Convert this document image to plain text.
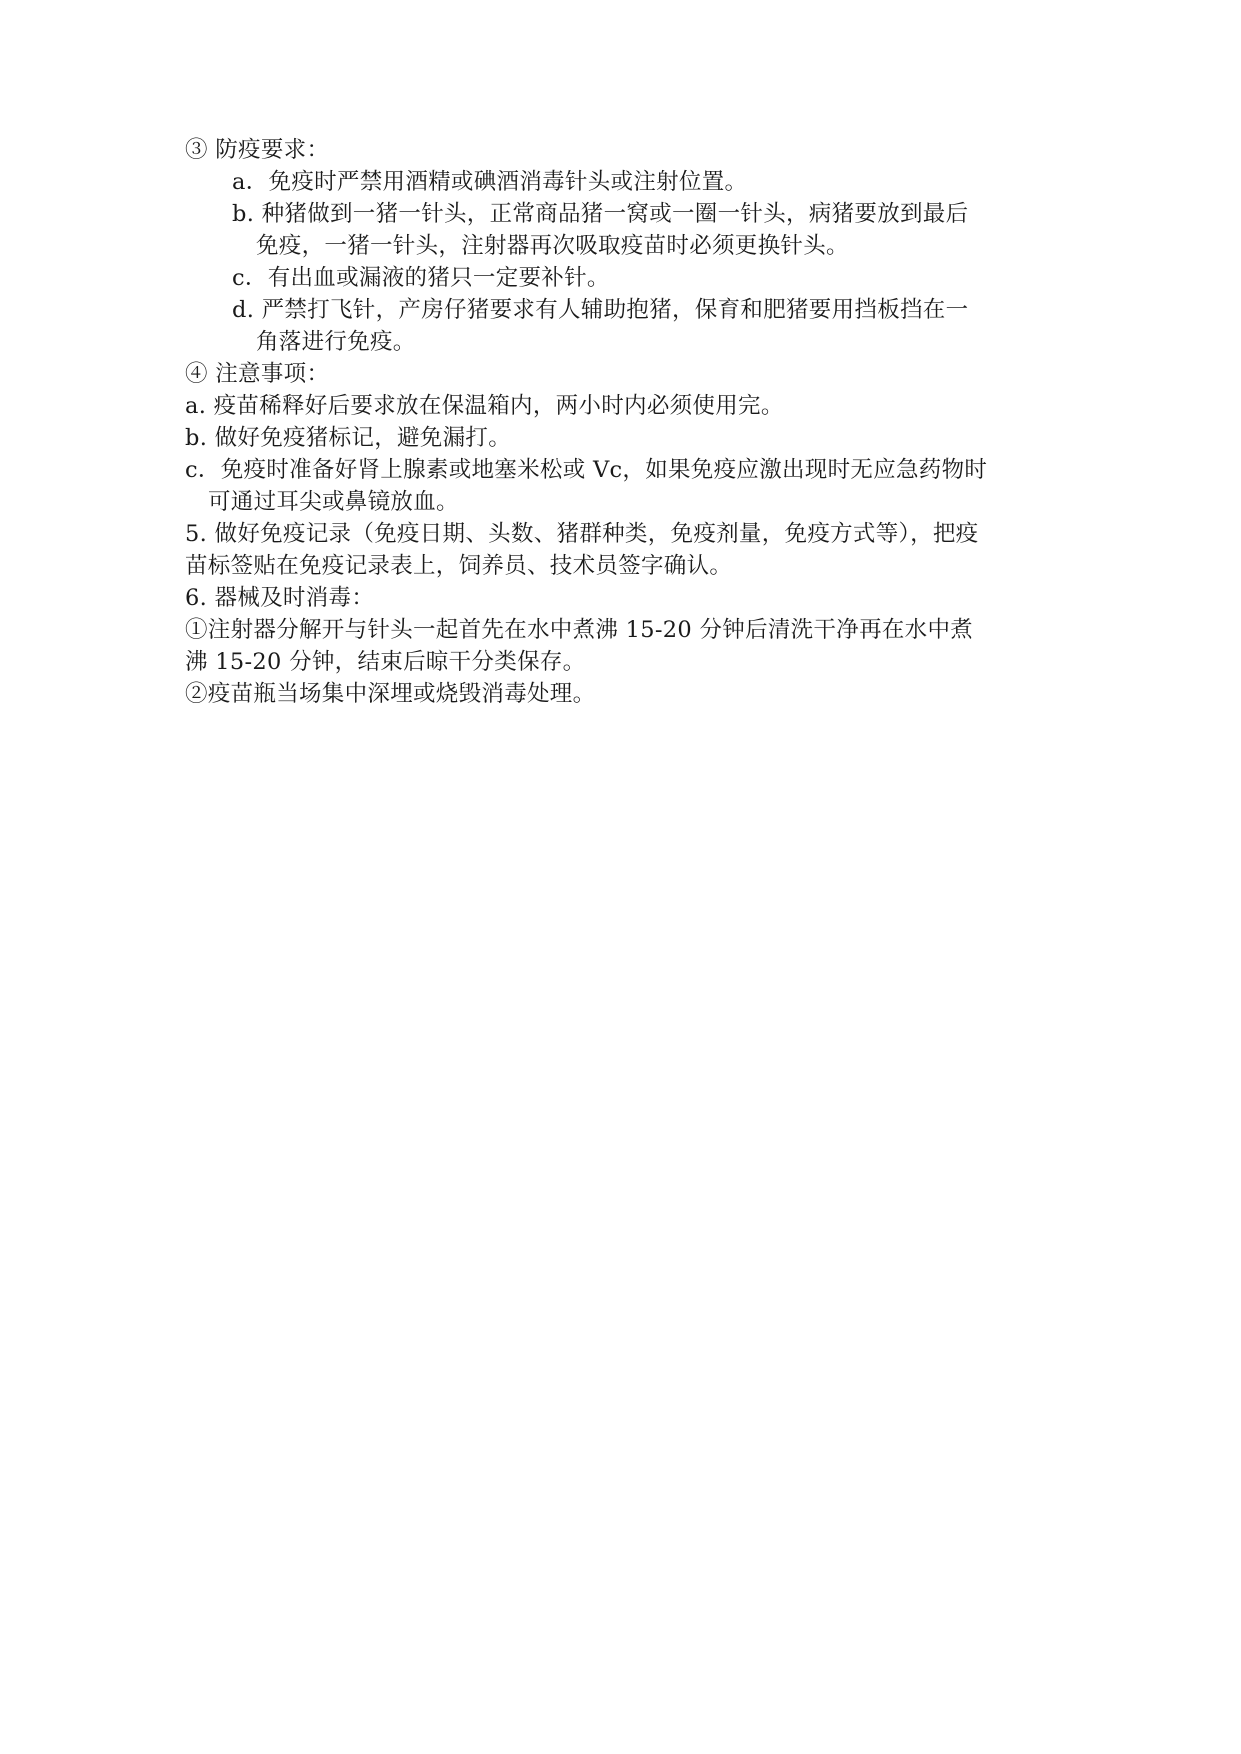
③ 防疫要求：
a．免疫时严禁用酒精或碘酒消毒针头或注射位置。
b. 种猪做到一猪一针头，正常商品猪一窝或一圈一针头，病猪要放到最后
免疫，一猪一针头，注射器再次吸取疫苗时必须更换针头。
c．有出血或漏液的猪只一定要补针。
d. 严禁打飞针，产房仔猪要求有人辅助抱猪，保育和肥猪要用挡板挡在一
角落进行免疫。
④ 注意事项：
a. 疫苗稀释好后要求放在保温箱内，两小时内必须使用完。
b. 做好免疫猪标记，避免漏打。
c．免疫时准备好肾上腺素或地塞米松或 Vc，如果免疫应激出现时无应急药物时
可通过耳尖或鼻镜放血。
5. 做好免疫记录（免疫日期、头数、猪群种类，免疫剂量，免疫方式等），把疫
苗标签贴在免疫记录表上，饲养员、技术员签字确认。
6. 器械及时消毒：
①注射器分解开与针头一起首先在水中煮沸 15-20 分钟后清洗干净再在水中煮
沸 15-20 分钟，结束后晾干分类保存。
②疫苗瓶当场集中深埋或烧毁消毒处理。
